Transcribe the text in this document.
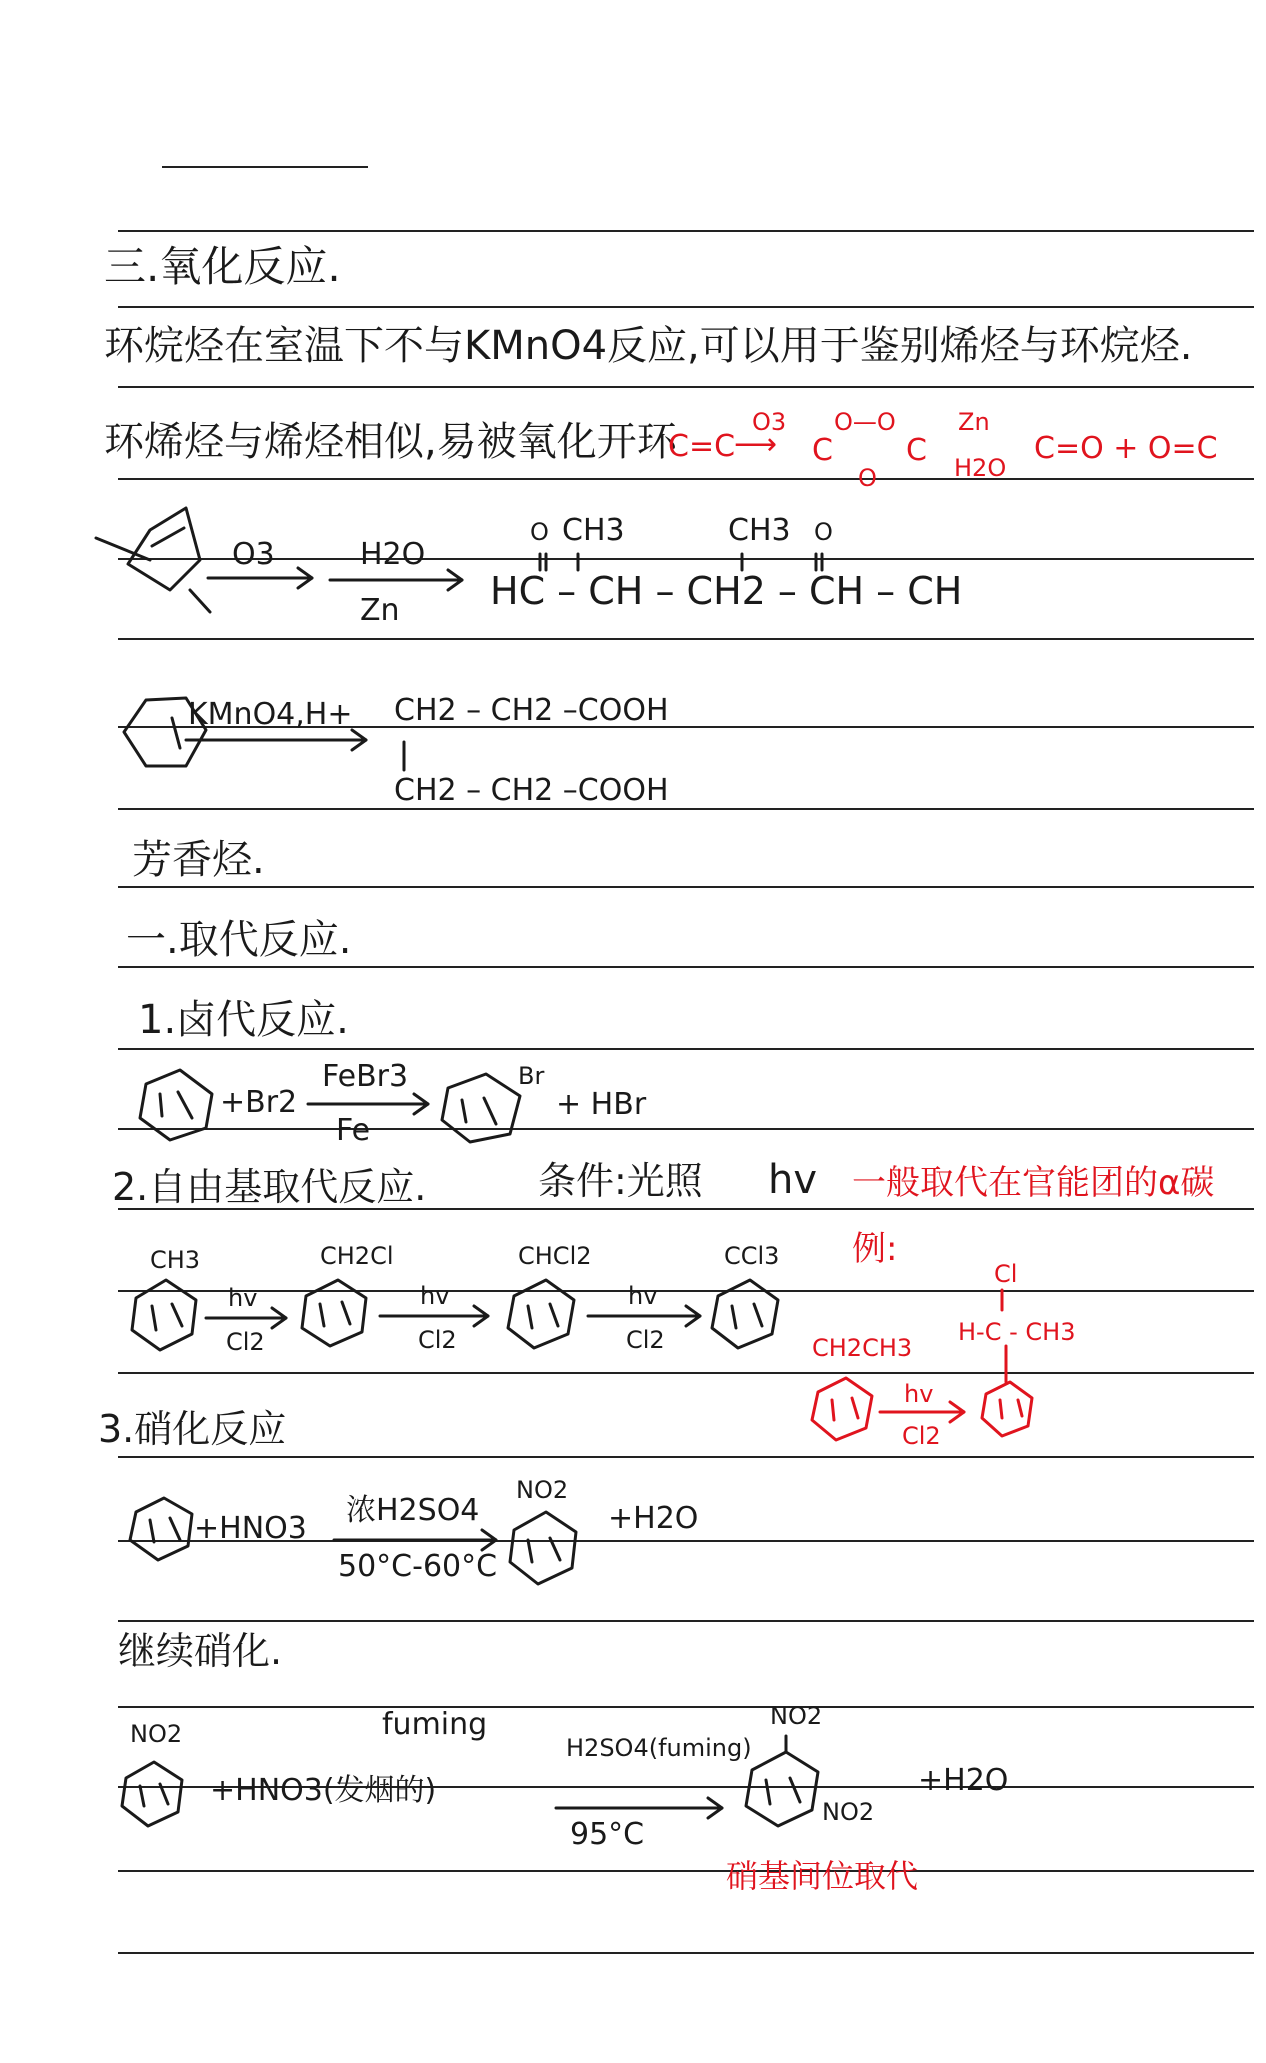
三.氧化反应.
环烷烃在室温下不与KMnO4反应,可以用于鉴别烯烃与环烷烃.
环烯烃与烯烃相似,易被氧化开环
C=C
O3
⟶
O—O
C C
O
Zn
H2O
C=O + O=C
O3	H2O
Zn
O CH3	CH3 O
HC – CH – CH2 – CH – CH
KMnO4,H+ CH2 – CH2 –COOH
CH2 – CH2 –COOH
芳香烃.
一.取代反应.
1.卤代反应.
+Br2
FeBr3
Fe
Br
+ HBr
2.自由基取代反应.	条件:光照 hv 一般取代在官能团的α碳
例:
CH3	CH2Cl	CHCl2	CCl3
hv
Cl2
hv
Cl2
hv
Cl2	CH2CH3
hv
Cl2
Cl
H-C - CH3
3.硝化反应
+HNO3
浓H2SO4
50°C-60°C
NO2
+H2O
继续硝化.
NO2	fuming
+HNO3(发烟的)
H2SO4(fuming)
95°C
NO2
NO2
+H2O
硝基间位取代
